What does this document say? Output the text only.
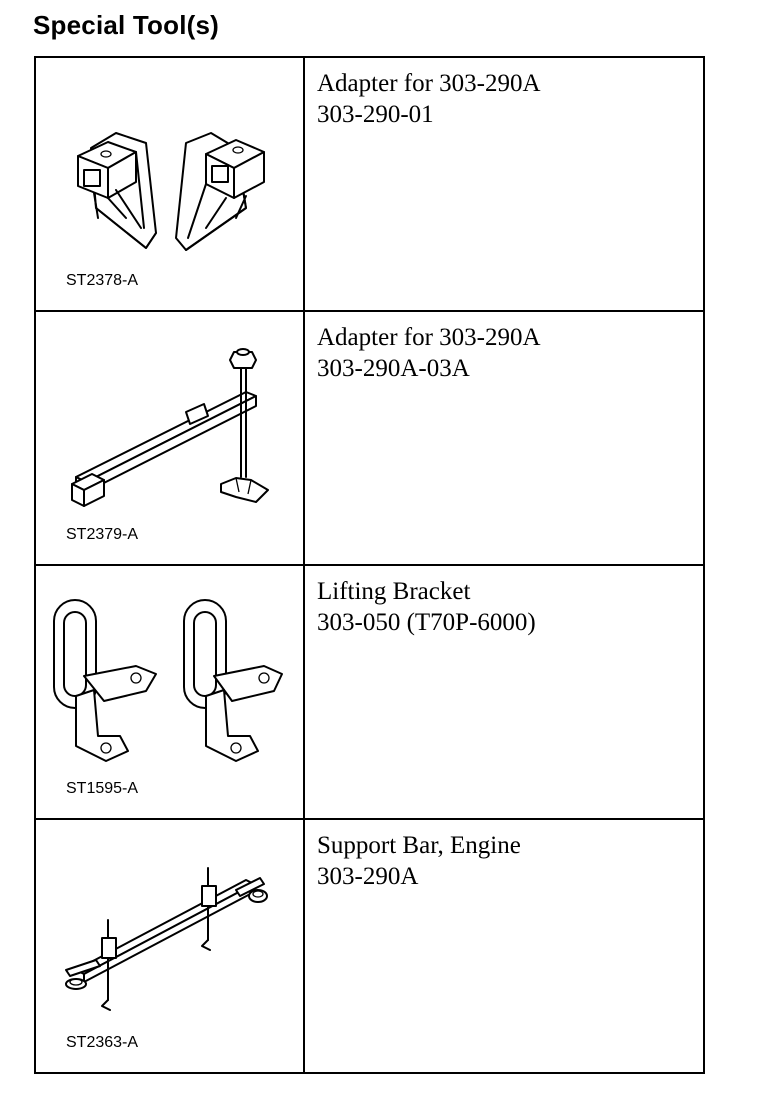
Special Tool(s)
ST2378-A	Adapter for 303-290A
303-290-01

ST2379-A	Adapter for 303-290A
303-290A-03A

ST1595-A	Lifting Bracket
303-050 (T70P-6000)

ST2363-A	Support Bar, Engine
303-290A
